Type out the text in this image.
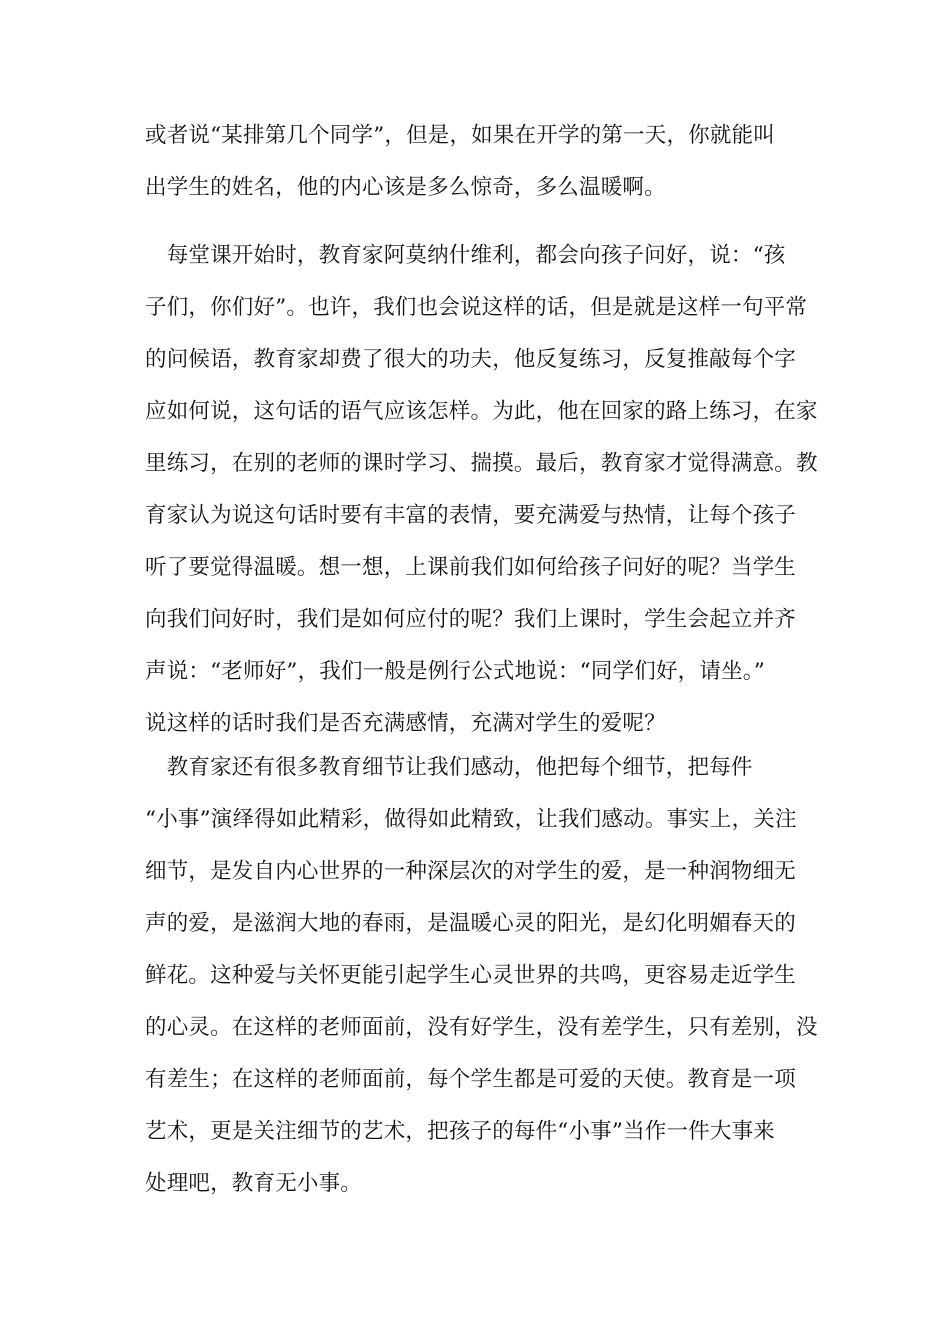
或者说“某排第几个同学”，但是，如果在开学的第一天，你就能叫
出学生的姓名，他的内心该是多么惊奇，多么温暖啊。
　每堂课开始时，教育家阿莫纳什维利，都会向孩子问好，说：“孩
子们，你们好”。也许，我们也会说这样的话，但是就是这样一句平常
的问候语，教育家却费了很大的功夫，他反复练习，反复推敲每个字
应如何说，这句话的语气应该怎样。为此，他在回家的路上练习，在家
里练习，在别的老师的课时学习、揣摸。最后，教育家才觉得满意。教
育家认为说这句话时要有丰富的表情，要充满爱与热情，让每个孩子
听了要觉得温暖。想一想，上课前我们如何给孩子问好的呢？当学生
向我们问好时，我们是如何应付的呢？我们上课时，学生会起立并齐
声说：“老师好”，我们一般是例行公式地说：“同学们好，请坐。”
说这样的话时我们是否充满感情，充满对学生的爱呢？
　教育家还有很多教育细节让我们感动，他把每个细节，把每件
“小事”演绎得如此精彩，做得如此精致，让我们感动。事实上，关注
细节，是发自内心世界的一种深层次的对学生的爱，是一种润物细无
声的爱，是滋润大地的春雨，是温暖心灵的阳光，是幻化明媚春天的
鲜花。这种爱与关怀更能引起学生心灵世界的共鸣，更容易走近学生
的心灵。在这样的老师面前，没有好学生，没有差学生，只有差别，没
有差生；在这样的老师面前，每个学生都是可爱的天使。教育是一项
艺术，更是关注细节的艺术，把孩子的每件“小事”当作一件大事来
处理吧，教育无小事。
